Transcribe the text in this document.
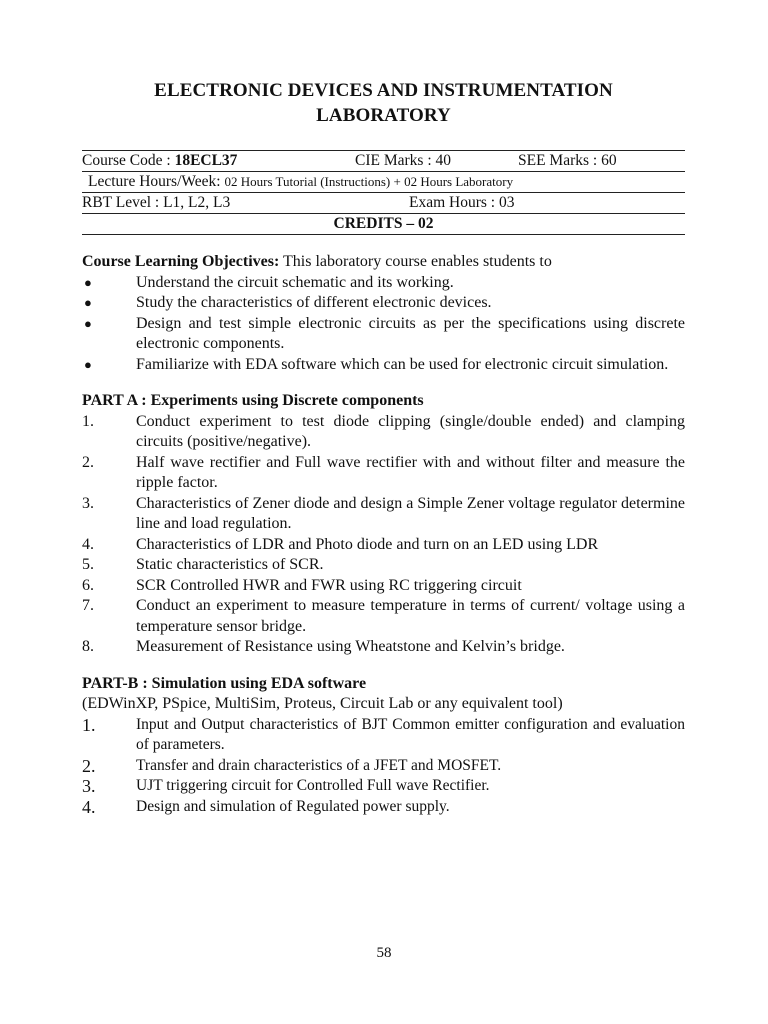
ELECTRONIC DEVICES AND INSTRUMENTATION
LABORATORY
Course Code : 18ECL37	CIE Marks : 40	SEE Marks : 60
Lecture Hours/Week: 02 Hours Tutorial (Instructions) + 02 Hours Laboratory
RBT Level : L1, L2, L3	Exam Hours : 03
CREDITS – 02

Course Learning Objectives: This laboratory course enables students to

●	Understand the circuit schematic and its working.
●	Study the characteristics of different electronic devices.
●	Design and test simple electronic circuits as per the specifications using discrete electronic components.
●	Familiarize with EDA software which can be used for electronic circuit simulation.

PART A : Experiments using Discrete components

1.	Conduct experiment to test diode clipping (single/double ended) and clamping circuits (positive/negative).
2.	Half wave rectifier and Full wave rectifier with and without filter and measure the ripple factor.
3.	Characteristics of Zener diode and design a Simple Zener voltage regulator determine line and load regulation.
4.	Characteristics of LDR and Photo diode and turn on an LED using LDR
5.	Static characteristics of SCR.
6.	SCR Controlled HWR and FWR using RC triggering circuit
7.	Conduct an experiment to measure temperature in terms of current/ voltage using a temperature sensor bridge.
8.	Measurement of Resistance using Wheatstone and Kelvin’s bridge.

PART-B : Simulation using EDA software

(EDWinXP, PSpice, MultiSim, Proteus, Circuit Lab or any equivalent tool)

1.	Input and Output characteristics of BJT Common emitter configuration and evaluation of parameters.
2.	Transfer and drain characteristics of a JFET and MOSFET.
3.	UJT triggering circuit for Controlled Full wave Rectifier.
4.	Design and simulation of Regulated power supply.
58
